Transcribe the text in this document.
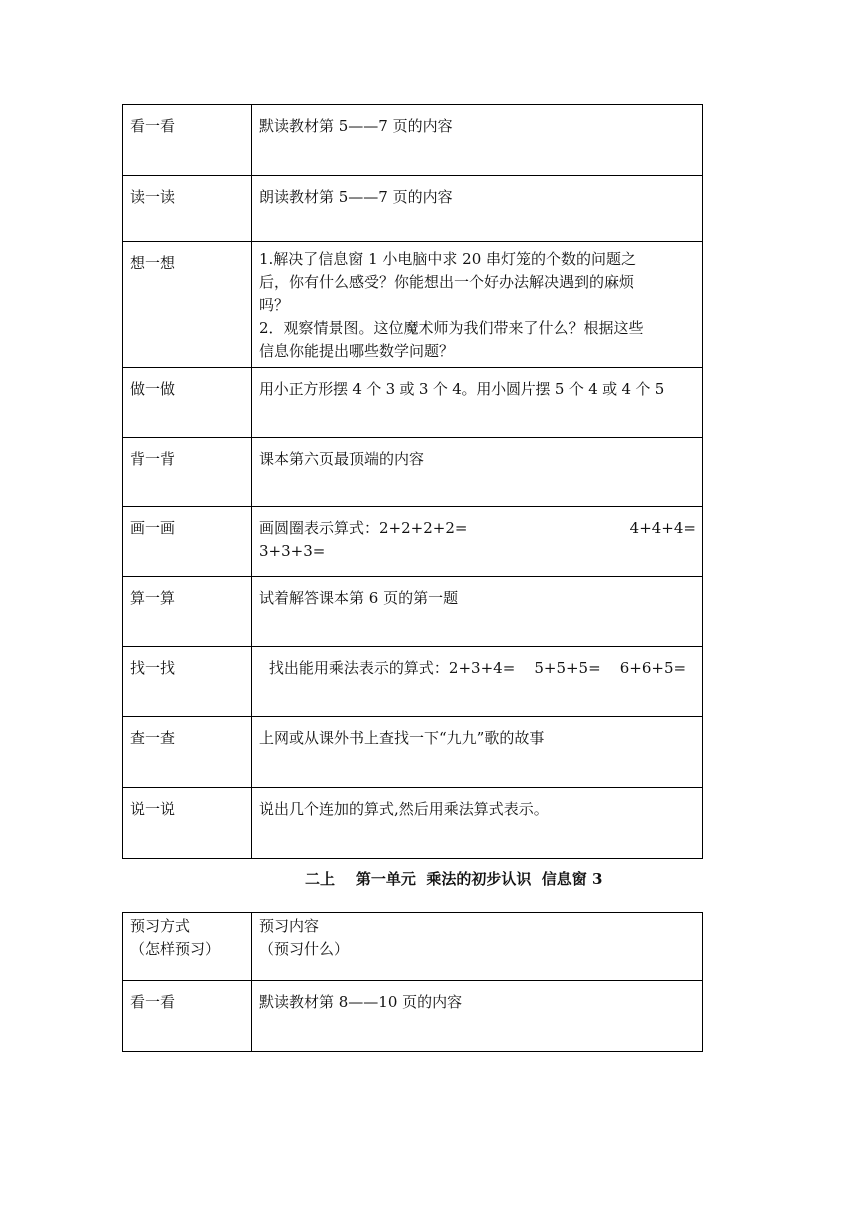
看一看	默读教材第 5——7 页的内容
读一读	朗读教材第 5——7 页的内容
想一想	1.解决了信息窗 1 小电脑中求 20 串灯笼的个数的问题之
后，你有什么感受？你能想出一个好办法解决遇到的麻烦
吗？
2．观察情景图。这位魔术师为我们带来了什么？根据这些
信息你能提出哪些数学问题？

做一做	用小正方形摆 4 个 3 或 3 个 4。用小圆片摆 5 个 4 或 4 个 5
背一背	课本第六页最顶端的内容
画一画	画圆圈表示算式：2+2+2+2= 4+4+4=
3+3+3=

算一算	试着解答课本第 6 页的第一题
找一找	找出能用乘法表示的算式：2+3+4=    5+5+5=    6+6+5=

查一查	上网或从课外书上查找一下“九九”歌的故事
说一说	说出几个连加的算式,然后用乘法算式表示。
二上    第一单元  乘法的初步认识  信息窗 3
预习方式
（怎样预习）	预习内容
（预习什么）

看一看	默读教材第 8——10 页的内容
